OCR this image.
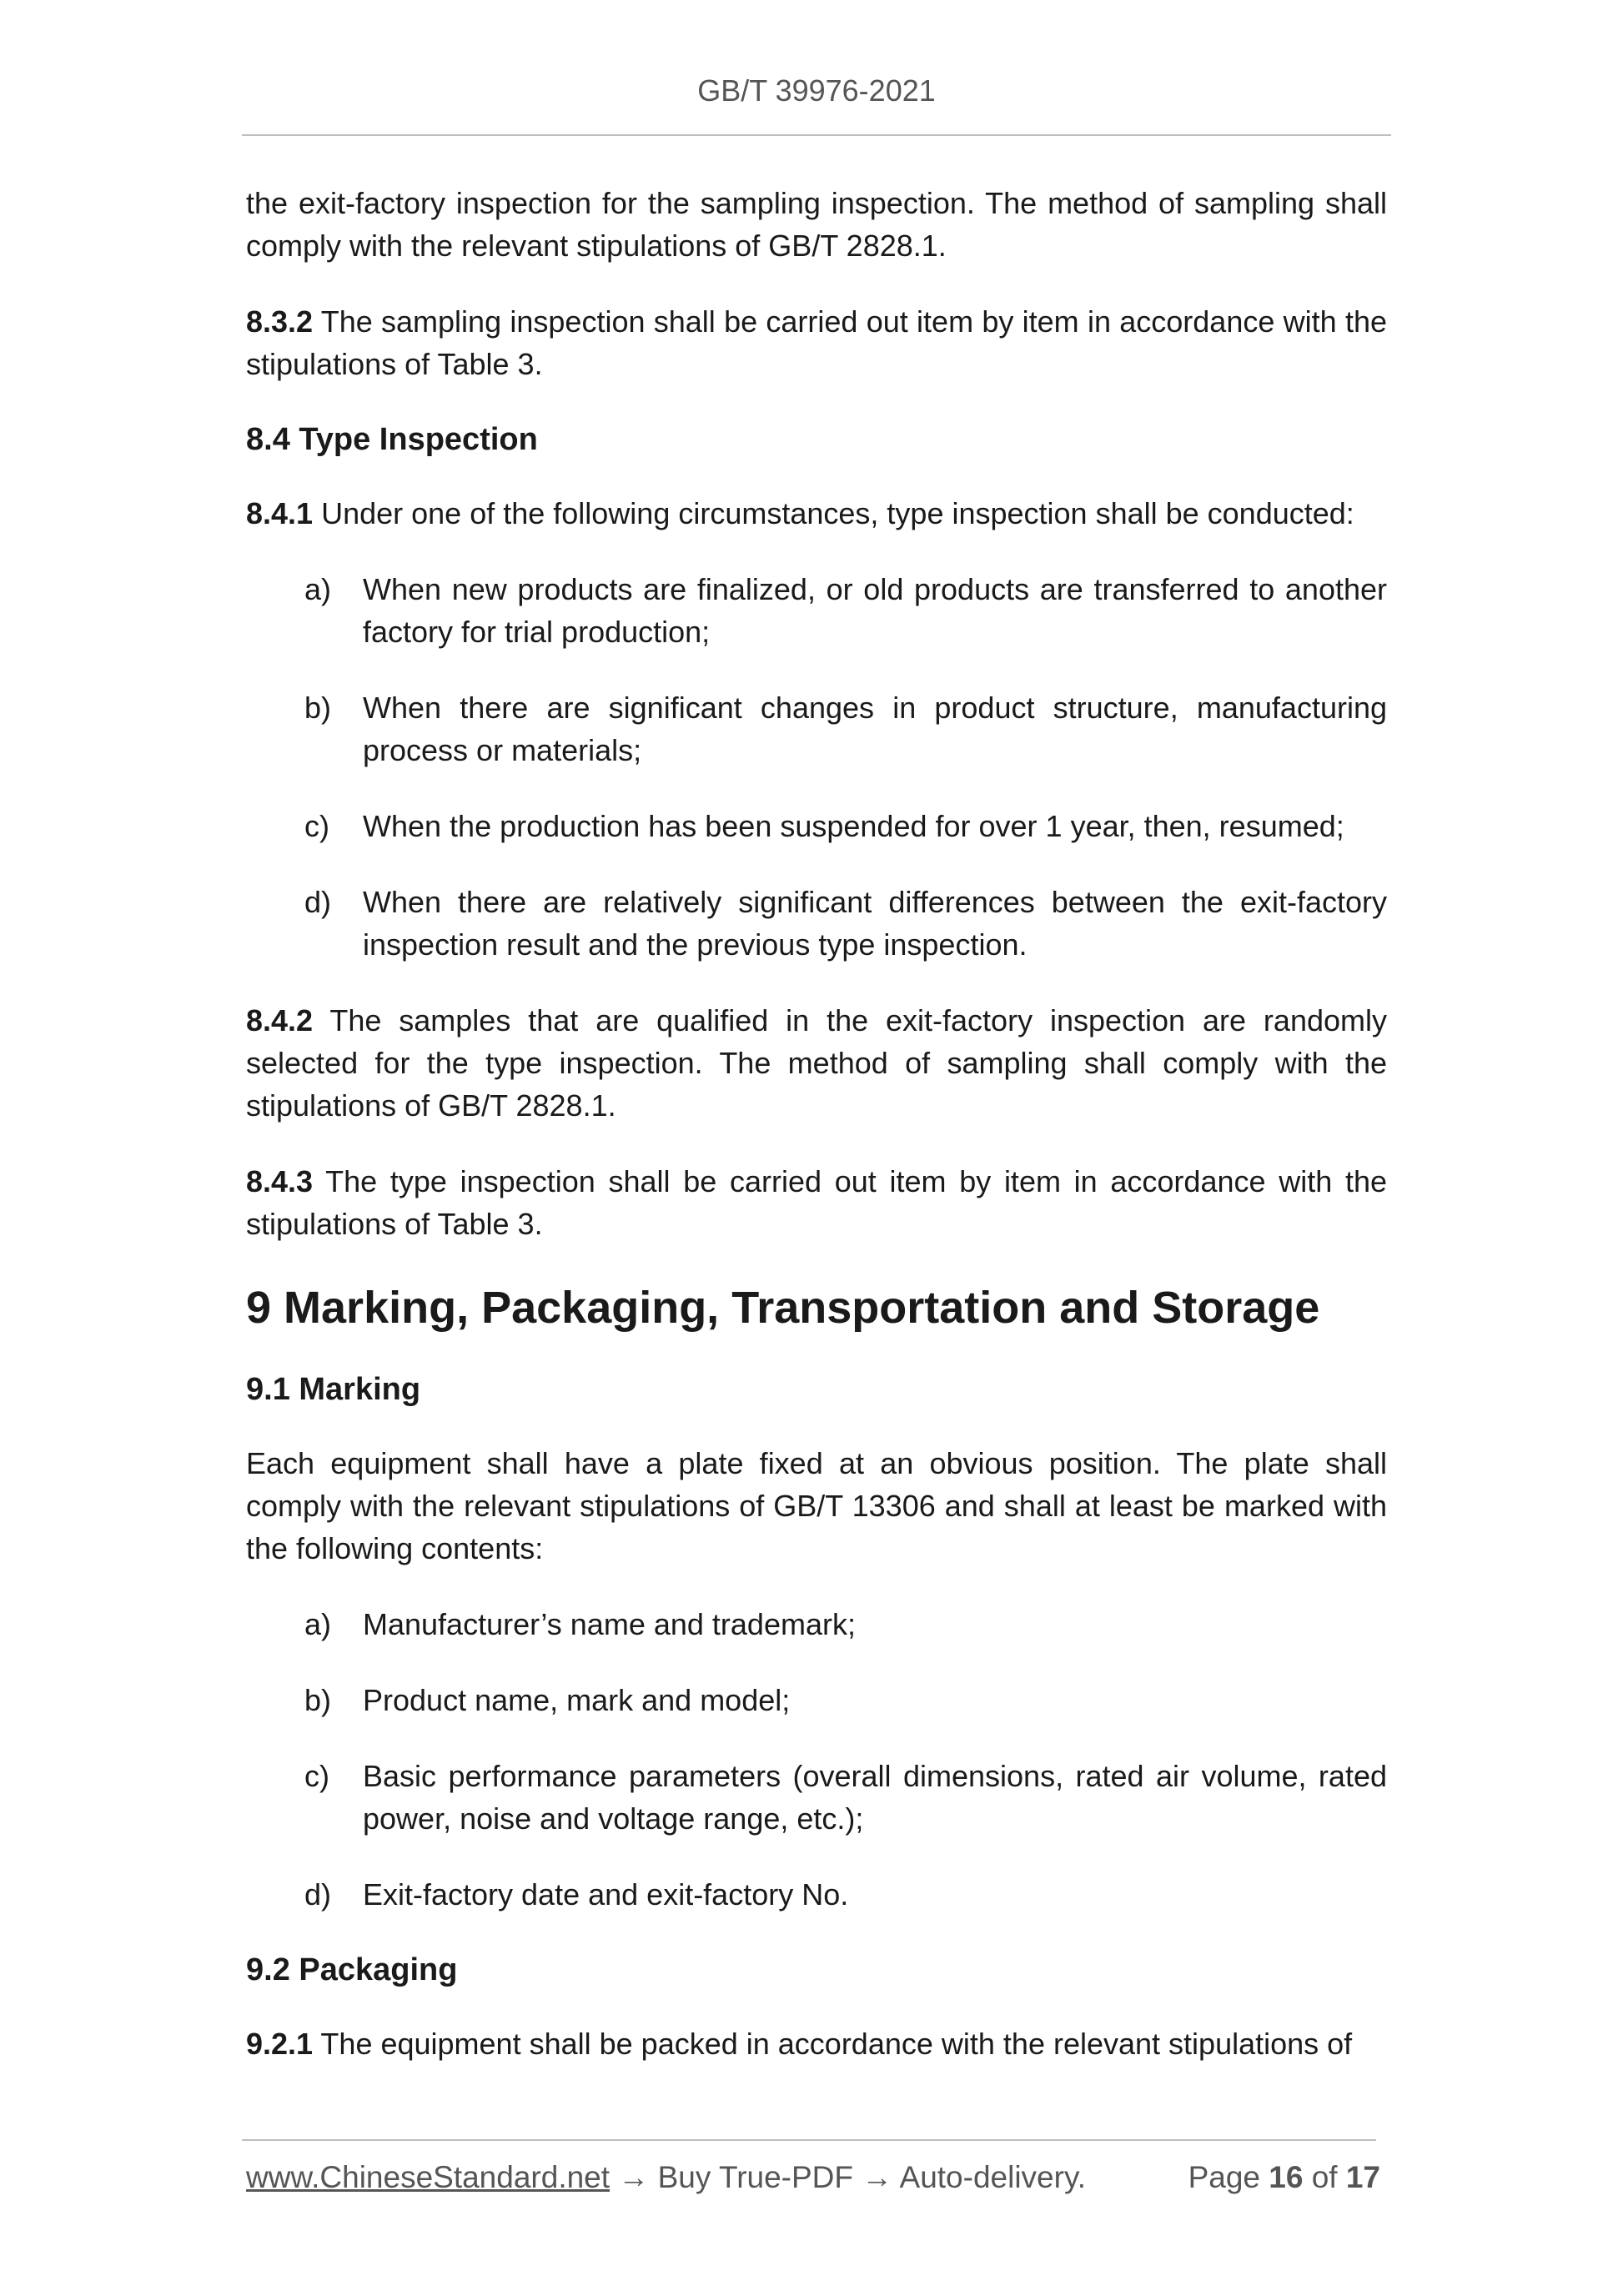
GB/T 39976-2021

the exit-factory inspection for the sampling inspection. The method of sampling shall comply with the relevant stipulations of GB/T 2828.1.

8.3.2 The sampling inspection shall be carried out item by item in accordance with the stipulations of Table 3.

8.4 Type Inspection

8.4.1 Under one of the following circumstances, type inspection shall be conducted:

a)	When new products are finalized, or old products are transferred to another factory for trial production;
b)	When there are significant changes in product structure, manufacturing process or materials;
c)	When the production has been suspended for over 1 year, then, resumed;
d)	When there are relatively significant differences between the exit-factory inspection result and the previous type inspection.

8.4.2 The samples that are qualified in the exit-factory inspection are randomly selected for the type inspection. The method of sampling shall comply with the stipulations of GB/T 2828.1.

8.4.3 The type inspection shall be carried out item by item in accordance with the stipulations of Table 3.

9 Marking, Packaging, Transportation and Storage
9.1 Marking

Each equipment shall have a plate fixed at an obvious position. The plate shall comply with the relevant stipulations of GB/T 13306 and shall at least be marked with the following contents:

a)	Manufacturer’s name and trademark;
b)	Product name, mark and model;
c)	Basic performance parameters (overall dimensions, rated air volume, rated power, noise and voltage range, etc.);
d)	Exit-factory date and exit-factory No.
9.2 Packaging

9.2.1 The equipment shall be packed in accordance with the relevant stipulations of

www.ChineseStandard.net → Buy True-PDF → Auto-delivery.	Page 16 of 17
